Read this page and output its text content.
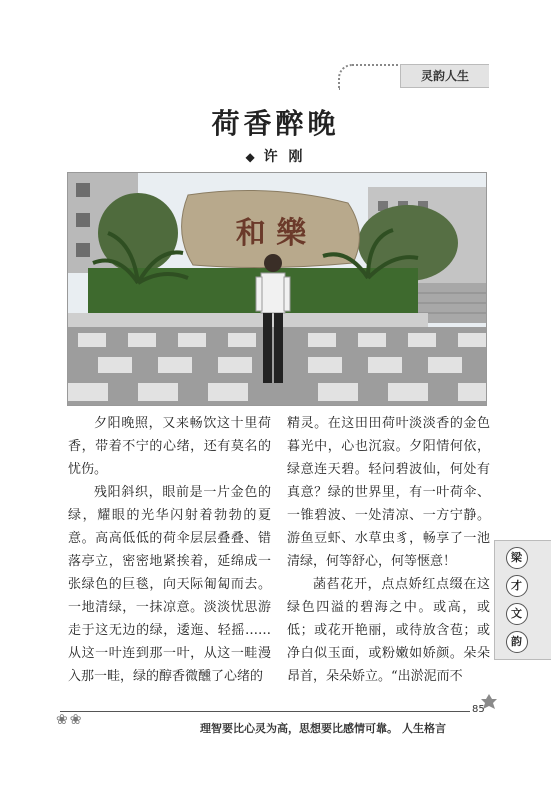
灵韵人生
荷香醉晚
◆ 许 刚
和 樂

夕阳晚照，又来畅饮这十里荷香，带着不宁的心绪，还有莫名的忧伤。

残阳斜织，眼前是一片金色的绿，耀眼的光华闪射着勃勃的夏意。高高低低的荷伞层层叠叠、错落亭立，密密地紧挨着，延绵成一张绿色的巨毯，向天际匍匐而去。一地清绿，一抹凉意。淡淡忧思游走于这无边的绿，逶迤、轻摇……从这一叶连到那一叶，从这一畦漫入那一畦，绿的醇香微醺了心绪的

精灵。在这田田荷叶淡淡香的金色暮光中，心也沉寂。夕阳情何依，绿意连天碧。轻问碧波仙，何处有真意？绿的世界里，有一叶荷伞、一锥碧波、一处清凉、一方宁静。游鱼豆虾、水草虫豸，畅享了一池清绿，何等舒心，何等惬意！

菡萏花开，点点娇红点缀在这绿色四溢的碧海之中。或高，或低；或花开艳丽，或待放含苞；或净白似玉面，或粉嫩如娇颜。朵朵昂首，朵朵娇立。“出淤泥而不

梁
才
文
韵
❀❀
理智要比心灵为高，思想要比感情可靠。 人生格言
85
